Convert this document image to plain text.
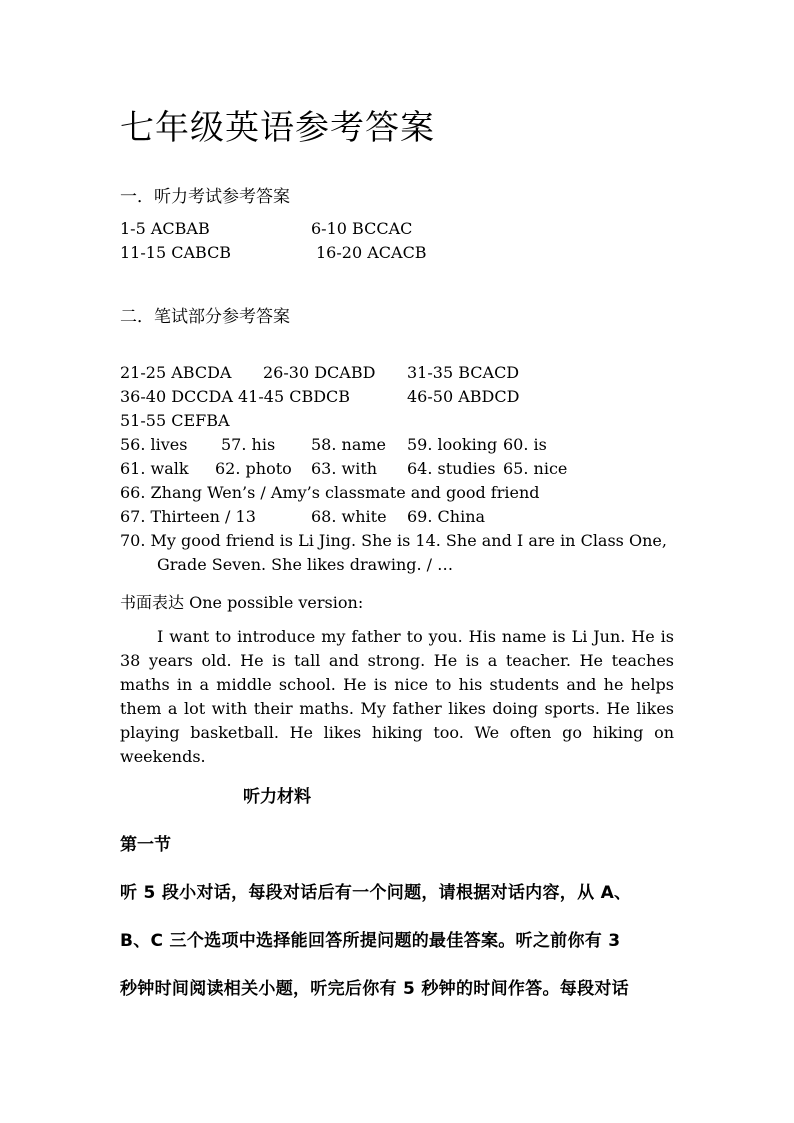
七年级英语参考答案
一．听力考试参考答案
1-5 ACBAB	6-10 BCCAC
11-15 CABCB	16-20 ACACB
二．笔试部分参考答案
21-25 ABCDA 26-30 DCABD 31-35 BCACD
36-40 DCCDA 41-45 CBDCB	46-50 ABDCD
51-55 CEFBA
56. lives 57. his 58. name 59. looking 60. is
61. walk 62. photo 63. with 64. studies 65. nice
66. Zhang Wen’s / Amy’s classmate and good friend
67. Thirteen / 13	68. white 69. China
70. My good friend is Li Jing. She is 14. She and I are in Class One,
Grade Seven. She likes drawing. / …
书面表达 One possible version:
I want to introduce my father to you. His name is Li Jun. He is 38 years old. He is tall and strong. He is a teacher. He teaches maths in a middle school. He is nice to his students and he helps them a lot with their maths. My father likes doing sports. He likes playing basketball. He likes hiking too. We often go hiking on weekends.
听力材料
第一节
听 5 段小对话，每段对话后有一个问题，请根据对话内容，从 A、
B、C 三个选项中选择能回答所提问题的最佳答案。听之前你有 3
秒钟时间阅读相关小题，听完后你有 5 秒钟的时间作答。每段对话
